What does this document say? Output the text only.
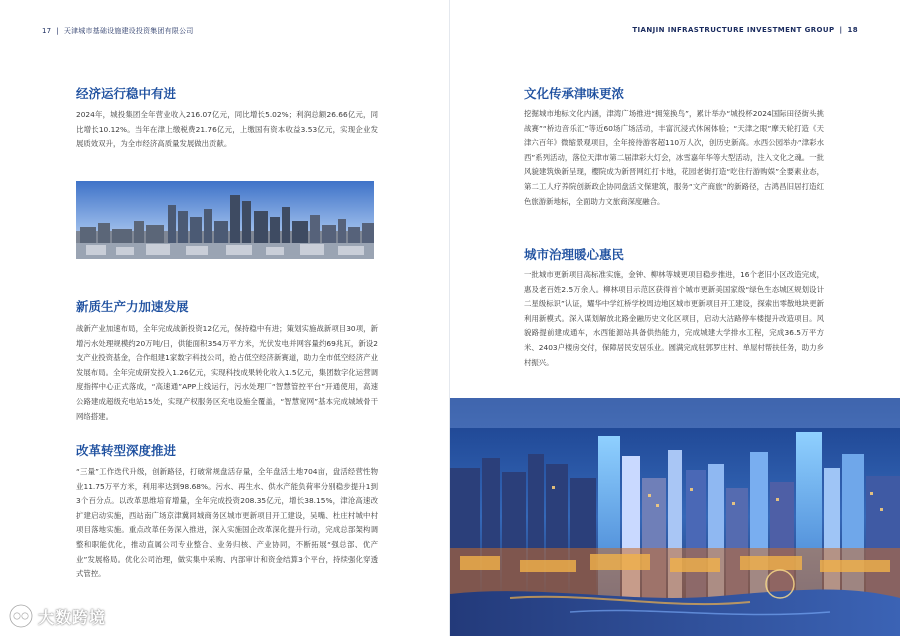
17 | 天津城市基础设施建设投资集团有限公司
经济运行稳中有进
2024年，城投集团全年营业收入216.07亿元，同比增长5.02%；利润总额26.66亿元，同比增长10.12%。当年在津上缴税费21.76亿元，上缴国有资本收益3.53亿元，实现企业发展质效双升，为全市经济高质量发展做出贡献。
新质生产力加速发展
战新产业加速布局，全年完成战新投资12亿元，保持稳中有进；策划实施战新项目30项，新增污水处理规模约20万吨/日，供能面积354万平方米，光伏发电并网容量约69兆瓦，新设2支产业投资基金，合作组建1家数字科技公司，抢占低空经济新赛道，助力全市低空经济产业发展布局。全年完成研发投入1.26亿元，实现科技成果转化收入1.5亿元，集团数字化运营调度指挥中心正式落成，“高速通”APP上线运行，污水处理厂“智慧管控平台”开通使用，高速公路建成超级充电站15处，实现产权服务区充电设施全覆盖，“智慧宽网”基本完成城域骨干网络搭建。
改革转型深度推进
“三量”工作迭代升级，创新路径，打破常规盘活存量，全年盘活土地704亩，盘活经营性物业11.75万平方米，利用率达到98.68%。污水、再生水、供水产能负荷率分别稳步提升1到3个百分点。以改革思维培育增量，全年完成投资208.35亿元，增长38.15%，津沧高速改扩建启动实施，西站南广场京津冀同城商务区城市更新项目开工建设，吴嘴、杜庄村城中村项目落地实施。重点改革任务深入推进，深入实施国企改革深化提升行动，完成总部架构调整和职能优化，推动直属公司专业整合、业务归核、产业协同，不断拓展“强总部、优产业”发展格局。优化公司治理，做实集中采购、内部审计和资金结算3个平台，持续强化穿透式管控。
TIANJIN INFRASTRUCTURE INVESTMENT GROUP | 18
文化传承津味更浓
挖掘城市地标文化内涵，津湾广场推进“拥笼换鸟”，累计举办“城投杯2024国际田径街头挑战赛”“桥边音乐汇”等近60场广场活动，丰富沉浸式休闲体验；“天津之眼”摩天轮打造《天津六百年》微缩景观项目，全年接待游客超110万人次，创历史新高。水西公园举办“津彩水西”系列活动，落位天津市第二届津彩大灯会，冰雪嘉年华等大型活动，注入文化之魂。一批风貌建筑焕新呈现，樱院成为新晋网红打卡地，花园老街打造“吃住行游购娱”全要素业态，第二工人疗养院创新政企协同盘活文保建筑，服务“文产商旅”的新路径，古鸿昌旧居打造红色旅游新地标，全面助力文旅商深度融合。
城市治理暖心惠民
一批城市更新项目高标准实施，金钟、柳林等城更项目稳步推进，16个老旧小区改造完成，惠及老百姓2.5万余人。柳林项目示范区获得首个城市更新美国家级“绿色生态城区规划设计二星级标识”认证，耀华中学红桥学校周边地区城市更新项目开工建设，探索出零散地块更新利用新模式。深入谋划解放北路金融历史文化区项目，启动大沽路停车楼提升改造项目。风貌路提前建成通车，水西能源站具备供热能力，完成城建大学排水工程，完成36.5万平方米、2403户楼房交付，保障居民安居乐业。圆满完成驻郭罗庄村、单屋村帮扶任务，助力乡村振兴。
大数跨境
